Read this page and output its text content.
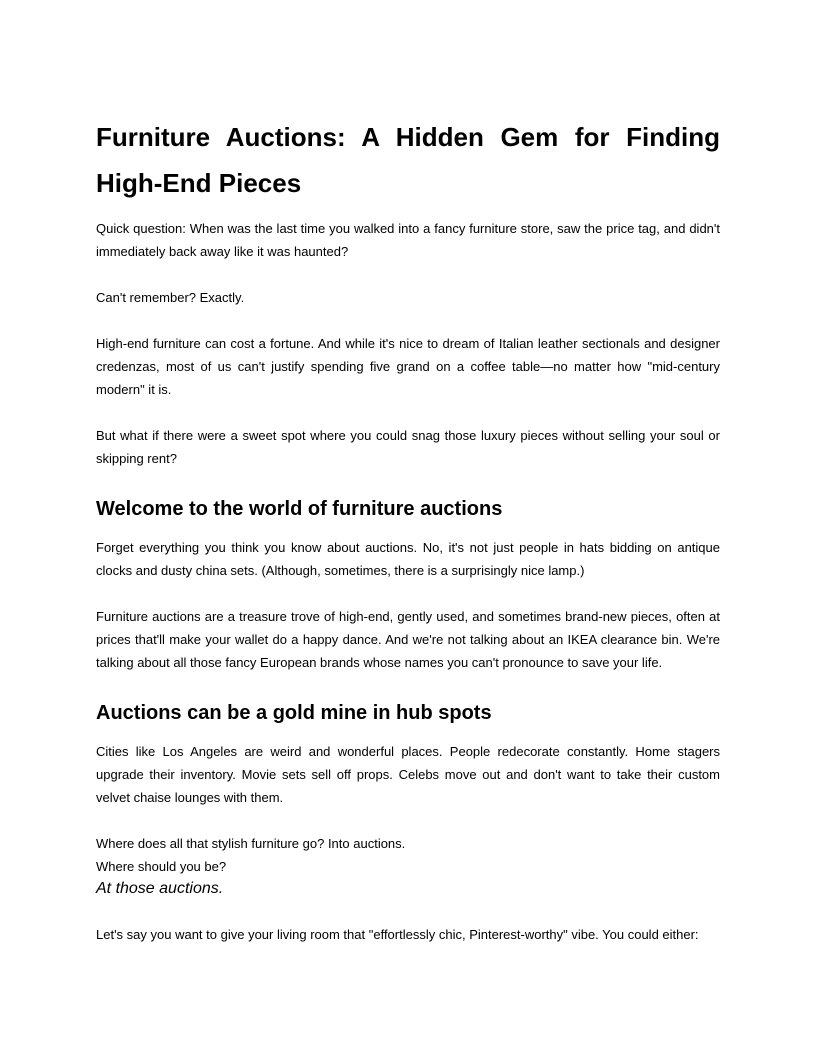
Furniture Auctions: A Hidden Gem for Finding High-End Pieces

Quick question: When was the last time you walked into a fancy furniture store, saw the price tag, and didn't immediately back away like it was haunted?

Can't remember? Exactly.

High-end furniture can cost a fortune. And while it's nice to dream of Italian leather sectionals and designer credenzas, most of us can't justify spending five grand on a coffee table—no matter how "mid-century modern" it is.

But what if there were a sweet spot where you could snag those luxury pieces without selling your soul or skipping rent?

Welcome to the world of furniture auctions

Forget everything you think you know about auctions. No, it's not just people in hats bidding on antique clocks and dusty china sets. (Although, sometimes, there is a surprisingly nice lamp.)

Furniture auctions are a treasure trove of high-end, gently used, and sometimes brand-new pieces, often at prices that'll make your wallet do a happy dance. And we're not talking about an IKEA clearance bin. We're talking about all those fancy European brands whose names you can't pronounce to save your life.

Auctions can be a gold mine in hub spots

Cities like Los Angeles are weird and wonderful places. People redecorate constantly. Home stagers upgrade their inventory. Movie sets sell off props. Celebs move out and don't want to take their custom velvet chaise lounges with them.

Where does all that stylish furniture go? Into auctions.

Where should you be?

At those auctions.

Let's say you want to give your living room that "effortlessly chic, Pinterest-worthy" vibe. You could either:
